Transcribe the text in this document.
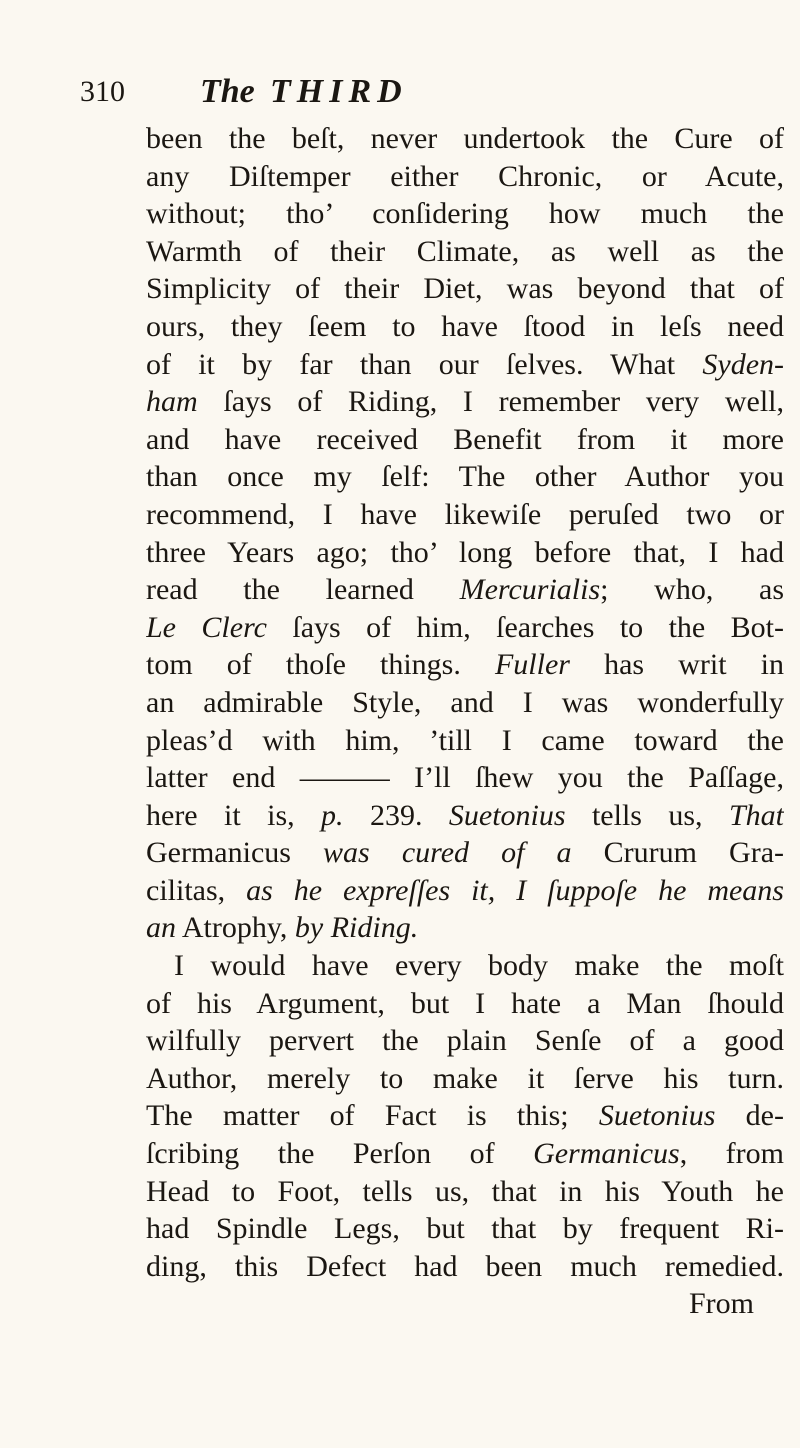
310 The THIRD
been the beſt, never undertook the Cure of
any Diſtemper either Chronic, or Acute,
without; tho’ conſidering how much the
Warmth of their Climate, as well as the
Simplicity of their Diet, was beyond that of
ours, they ſeem to have ſtood in leſs need
of it by far than our ſelves. What Syden-
ham ſays of Riding, I remember very well,
and have received Benefit from it more
than once my ſelf: The other Author you
recommend, I have likewiſe peruſed two or
three Years ago; tho’ long before that, I had
read the learned Mercurialis; who, as
Le Clerc ſays of him, ſearches to the Bot-
tom of thoſe things. Fuller has writ in
an admirable Style, and I was wonderfully
pleas’d with him, ’till I came toward the
latter end ——— I’ll ſhew you the Paſſage,
here it is, p. 239. Suetonius tells us, That
Germanicus was cured of a Crurum Gra-
cilitas, as he expreſſes it, I ſuppoſe he means
an Atrophy, by Riding.
I would have every body make the moſt
of his Argument, but I hate a Man ſhould
wilfully pervert the plain Senſe of a good
Author, merely to make it ſerve his turn.
The matter of Fact is this; Suetonius de-
ſcribing the Perſon of Germanicus, from
Head to Foot, tells us, that in his Youth he
had Spindle Legs, but that by frequent Ri-
ding, this Defect had been much remedied.
From
